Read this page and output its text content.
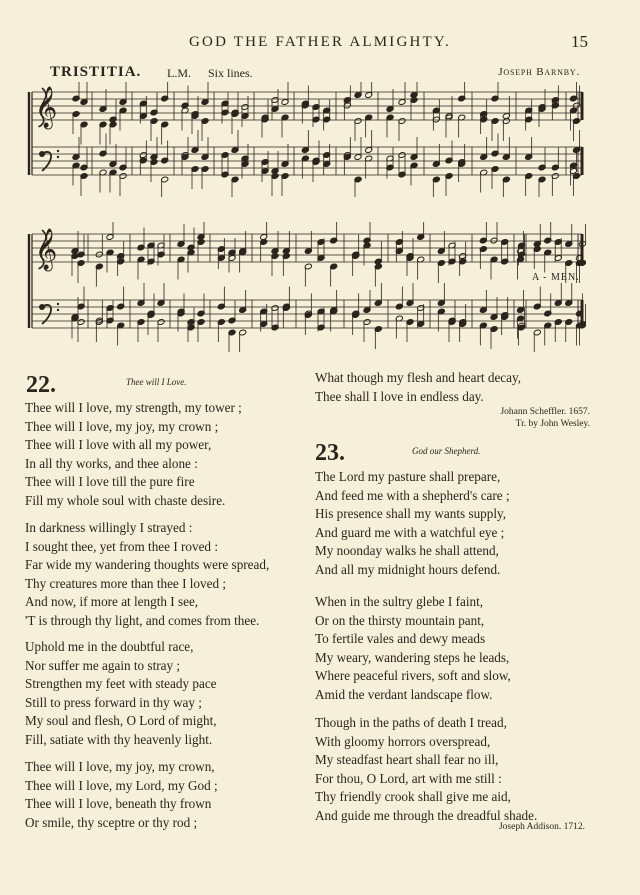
GOD THE FATHER ALMIGHTY.	15
TRISTITIA. L.M. Six lines.	Joseph Barnby.
𝄞
𝄞
A - MEN.
22.	Thee will I Love.
Thee will I love, my strength, my tower ;
Thee will I love, my joy, my crown ;
Thee will I love with all my power,
In all thy works, and thee alone :
Thee will I love till the pure fire
Fill my whole soul with chaste desire.
In darkness willingly I strayed :
I sought thee, yet from thee I roved :
Far wide my wandering thoughts were spread,
Thy creatures more than thee I loved ;
And now, if more at length I see,
'T is through thy light, and comes from thee.
Uphold me in the doubtful race,
Nor suffer me again to stray ;
Strengthen my feet with steady pace
Still to press forward in thy way ;
My soul and flesh, O Lord of might,
Fill, satiate with thy heavenly light.
Thee will I love, my joy, my crown,
Thee will I love, my Lord, my God ;
Thee will I love, beneath thy frown
Or smile, thy sceptre or thy rod ;
What though my flesh and heart decay,
Thee shall I love in endless day.
Johann Scheffler. 1657.
Tr. by John Wesley.
23.	God our Shepherd.
The Lord my pasture shall prepare,
And feed me with a shepherd's care ;
His presence shall my wants supply,
And guard me with a watchful eye ;
My noonday walks he shall attend,
And all my midnight hours defend.
When in the sultry glebe I faint,
Or on the thirsty mountain pant,
To fertile vales and dewy meads
My weary, wandering steps he leads,
Where peaceful rivers, soft and slow,
Amid the verdant landscape flow.
Though in the paths of death I tread,
With gloomy horrors overspread,
My steadfast heart shall fear no ill,
For thou, O Lord, art with me still :
Thy friendly crook shall give me aid,
And guide me through the dreadful shade.
Joseph Addison. 1712.
